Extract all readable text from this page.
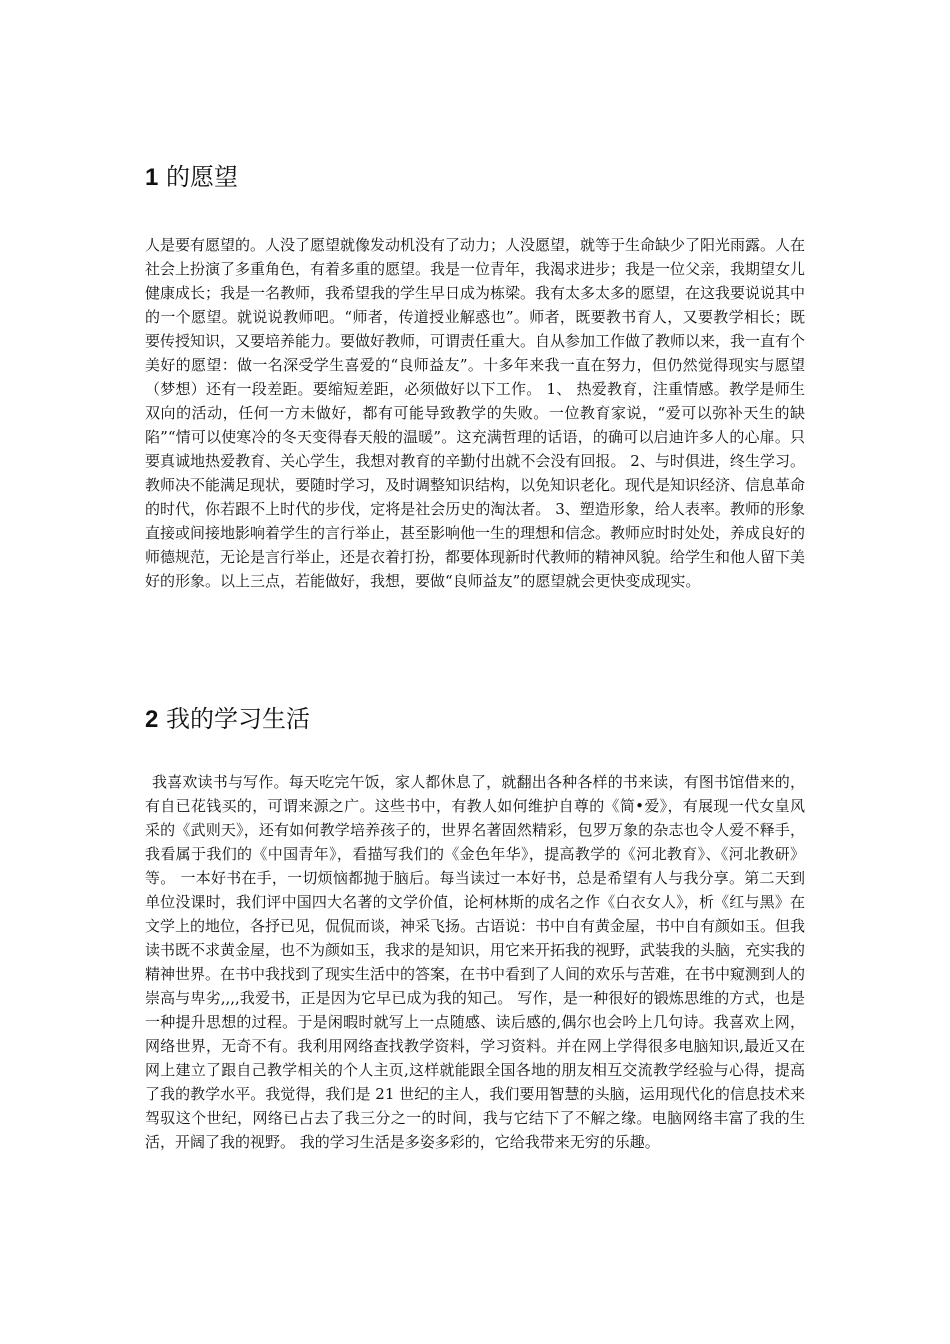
1 的愿望

人是要有愿望的。人没了愿望就像发动机没有了动力；人没愿望，就等于生命缺少了阳光雨露。人在社会上扮演了多重角色，有着多重的愿望。我是一位青年，我渴求进步；我是一位父亲，我期望女儿健康成长；我是一名教师，我希望我的学生早日成为栋梁。我有太多太多的愿望，在这我要说说其中的一个愿望。就说说教师吧。“师者，传道授业解惑也”。师者，既要教书育人，又要教学相长；既要传授知识，又要培养能力。要做好教师，可谓责任重大。自从参加工作做了教师以来，我一直有个美好的愿望：做一名深受学生喜爱的“良师益友”。十多年来我一直在努力，但仍然觉得现实与愿望（梦想）还有一段差距。要缩短差距，必须做好以下工作。 1、 热爱教育，注重情感。教学是师生双向的活动，任何一方未做好，都有可能导致教学的失败。一位教育家说，“爱可以弥补天生的缺陷”“情可以使寒冷的冬天变得春天般的温暖”。这充满哲理的话语，的确可以启迪许多人的心扉。只要真诚地热爱教育、关心学生，我想对教育的辛勤付出就不会没有回报。 2、与时俱进，终生学习。教师决不能满足现状，要随时学习，及时调整知识结构，以免知识老化。现代是知识经济、信息革命的时代，你若跟不上时代的步伐，定将是社会历史的淘汰者。 3、塑造形象，给人表率。教师的形象直接或间接地影响着学生的言行举止，甚至影响他一生的理想和信念。教师应时时处处，养成良好的师德规范，无论是言行举止，还是衣着打扮，都要体现新时代教师的精神风貌。给学生和他人留下美好的形象。以上三点，若能做好，我想，要做“良师益友”的愿望就会更快变成现实。

2 我的学习生活

我喜欢读书与写作。每天吃完午饭，家人都休息了，就翻出各种各样的书来读，有图书馆借来的，有自已花钱买的，可谓来源之广。这些书中，有教人如何维护自尊的《简•爱》，有展现一代女皇风采的《武则天》，还有如何教学培养孩子的，世界名著固然精彩，包罗万象的杂志也令人爱不释手，我看属于我们的《中国青年》，看描写我们的《金色年华》，提高教学的《河北教育》、《河北教研》等。 一本好书在手，一切烦恼都抛于脑后。每当读过一本好书，总是希望有人与我分享。第二天到单位没课时，我们评中国四大名著的文学价值，论柯林斯的成名之作《白衣女人》，析《红与黑》在文学上的地位，各抒已见，侃侃而谈，神采飞扬。古语说：书中自有黄金屋，书中自有颜如玉。但我读书既不求黄金屋，也不为颜如玉，我求的是知识，用它来开拓我的视野，武装我的头脑，充实我的精神世界。在书中我找到了现实生活中的答案，在书中看到了人间的欢乐与苦难，在书中窥测到人的崇高与卑劣,,,,我爱书，正是因为它早已成为我的知己。 写作，是一种很好的锻炼思维的方式，也是一种提升思想的过程。于是闲暇时就写上一点随感、读后感的,偶尔也会吟上几句诗。我喜欢上网，网络世界，无奇不有。我利用网络查找教学资料，学习资料。并在网上学得很多电脑知识,最近又在网上建立了跟自己教学相关的个人主页,这样就能跟全国各地的朋友相互交流教学经验与心得，提高了我的教学水平。我觉得，我们是 21 世纪的主人，我们要用智慧的头脑，运用现代化的信息技术来驾驭这个世纪，网络已占去了我三分之一的时间，我与它结下了不解之缘。电脑网络丰富了我的生活，开阔了我的视野。 我的学习生活是多姿多彩的，它给我带来无穷的乐趣。
